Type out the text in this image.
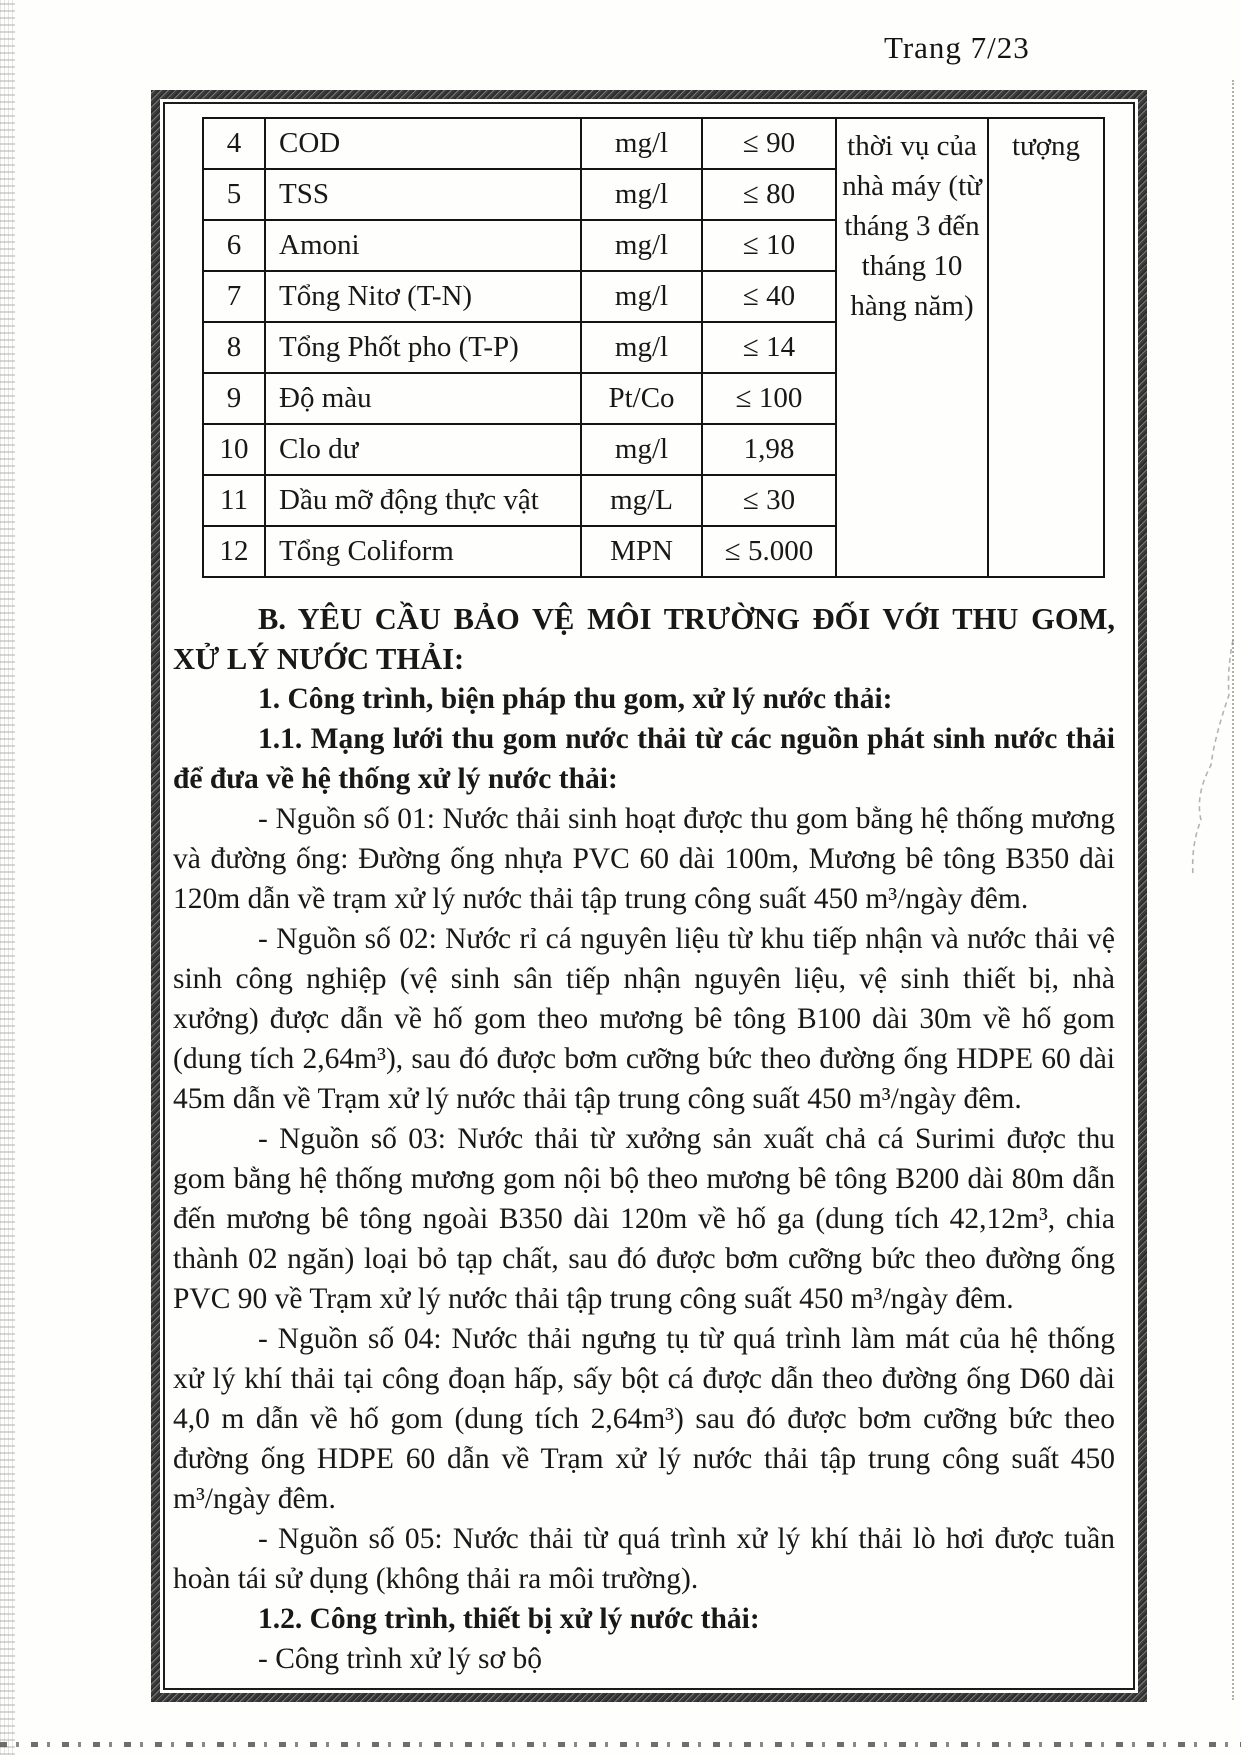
Trang 7/23
4	COD	mg/l	≤ 90	thời vụ của nhà máy (từ tháng 3 đến tháng 10 hàng năm)	tượng
5	TSS	mg/l	≤ 80		
6	Amoni	mg/l	≤ 10		
7	Tổng Nitơ (T-N)	mg/l	≤ 40		
8	Tổng Phốt pho (T-P)	mg/l	≤ 14		
9	Độ màu	Pt/Co	≤ 100		
10	Clo dư	mg/l	1,98		
11	Dầu mỡ động thực vật	mg/L	≤ 30		
12	Tổng Coliform	MPN	≤ 5.000		

B. YÊU CẦU BẢO VỆ MÔI TRƯỜNG ĐỐI VỚI THU GOM, XỬ LÝ NƯỚC THẢI:

1. Công trình, biện pháp thu gom, xử lý nước thải:

1.1. Mạng lưới thu gom nước thải từ các nguồn phát sinh nước thải để đưa về hệ thống xử lý nước thải:

- Nguồn số 01: Nước thải sinh hoạt được thu gom bằng hệ thống mương và đường ống: Đường ống nhựa PVC 60 dài 100m, Mương bê tông B350 dài 120m dẫn về trạm xử lý nước thải tập trung công suất 450 m³/ngày đêm.

- Nguồn số 02: Nước rỉ cá nguyên liệu từ khu tiếp nhận và nước thải vệ sinh công nghiệp (vệ sinh sân tiếp nhận nguyên liệu, vệ sinh thiết bị, nhà xưởng) được dẫn về hố gom theo mương bê tông B100 dài 30m về hố gom (dung tích 2,64m³), sau đó được bơm cưỡng bức theo đường ống HDPE 60 dài 45m dẫn về Trạm xử lý nước thải tập trung công suất 450 m³/ngày đêm.

- Nguồn số 03: Nước thải từ xưởng sản xuất chả cá Surimi được thu gom bằng hệ thống mương gom nội bộ theo mương bê tông B200 dài 80m dẫn đến mương bê tông ngoài B350 dài 120m về hố ga (dung tích 42,12m³, chia thành 02 ngăn) loại bỏ tạp chất, sau đó được bơm cưỡng bức theo đường ống PVC 90 về Trạm xử lý nước thải tập trung công suất 450 m³/ngày đêm.

- Nguồn số 04: Nước thải ngưng tụ từ quá trình làm mát của hệ thống xử lý khí thải tại công đoạn hấp, sấy bột cá được dẫn theo đường ống D60 dài 4,0 m dẫn về hố gom (dung tích 2,64m³) sau đó được bơm cưỡng bức theo đường ống HDPE 60 dẫn về Trạm xử lý nước thải tập trung công suất 450 m³/ngày đêm.

- Nguồn số 05: Nước thải từ quá trình xử lý khí thải lò hơi được tuần hoàn tái sử dụng (không thải ra môi trường).

1.2. Công trình, thiết bị xử lý nước thải:

- Công trình xử lý sơ bộ
